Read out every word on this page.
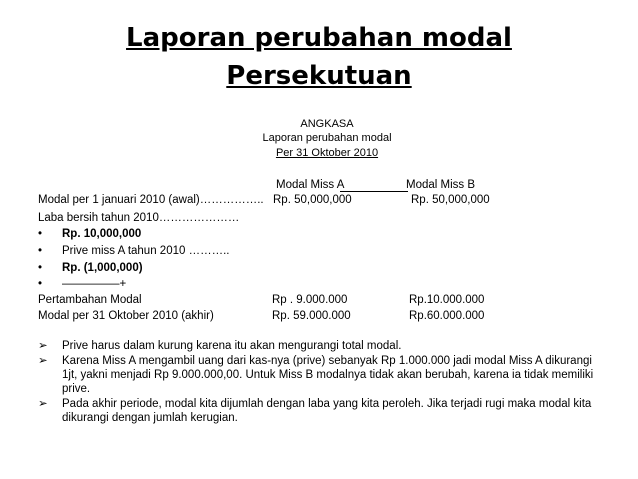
Laporan perubahan modal
Persekutuan
ANGKASA
Laporan perubahan modal
Per 31 Oktober 2010
Modal Miss A	Modal Miss B
Modal per 1 januari 2010 (awal)…………….. Rp. 50,000,000	Rp. 50,000,000
Laba bersih tahun 2010…………………
•	Rp. 10,000,000
•	Prive miss A tahun 2010 ………..
•	Rp. (1,000,000)
•	—————+
Pertambahan Modal	Rp . 9.000.000	Rp.10.000.000
Modal per 31 Oktober 2010 (akhir)	Rp. 59.000.000	Rp.60.000.000
➢ Prive harus dalam kurung karena itu akan mengurangi total modal.
➢ Karena Miss A mengambil uang dari kas-nya (prive) sebanyak Rp 1.000.000 jadi modal Miss A dikurangi 1jt, yakni menjadi Rp 9.000.000,00. Untuk Miss B modalnya tidak akan berubah, karena ia tidak memiliki prive.
➢ Pada akhir periode, modal kita dijumlah dengan laba yang kita peroleh. Jika terjadi rugi maka modal kita dikurangi dengan jumlah kerugian.
